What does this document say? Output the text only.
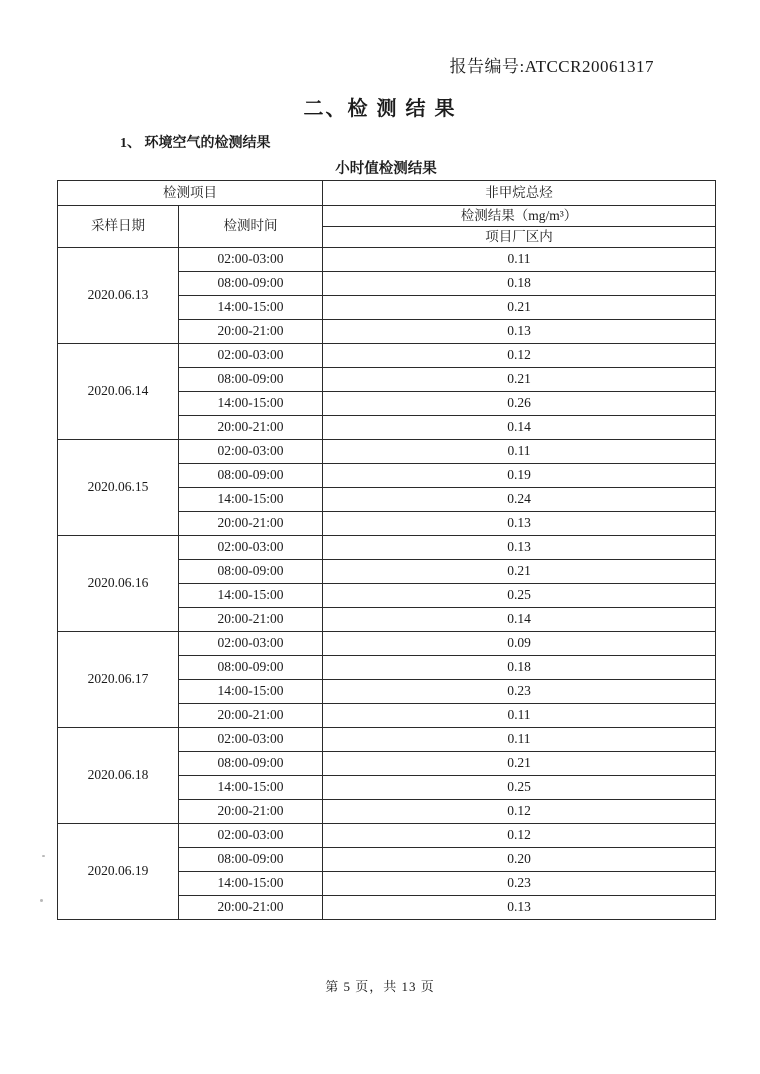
报告编号:ATCCR20061317
二、检 测 结 果
1、 环境空气的检测结果
小时值检测结果
检测项目		非甲烷总烃
采样日期	检测时间	检测结果（mg/m³）
		项目厂区内
2020.06.13	02:00-03:00	0.11
	08:00-09:00	0.18
	14:00-15:00	0.21
	20:00-21:00	0.13
2020.06.14	02:00-03:00	0.12
	08:00-09:00	0.21
	14:00-15:00	0.26
	20:00-21:00	0.14
2020.06.15	02:00-03:00	0.11
	08:00-09:00	0.19
	14:00-15:00	0.24
	20:00-21:00	0.13
2020.06.16	02:00-03:00	0.13
	08:00-09:00	0.21
	14:00-15:00	0.25
	20:00-21:00	0.14
2020.06.17	02:00-03:00	0.09
	08:00-09:00	0.18
	14:00-15:00	0.23
	20:00-21:00	0.11
2020.06.18	02:00-03:00	0.11
	08:00-09:00	0.21
	14:00-15:00	0.25
	20:00-21:00	0.12
2020.06.19	02:00-03:00	0.12
	08:00-09:00	0.20
	14:00-15:00	0.23
	20:00-21:00	0.13
第 5 页，共 13 页
